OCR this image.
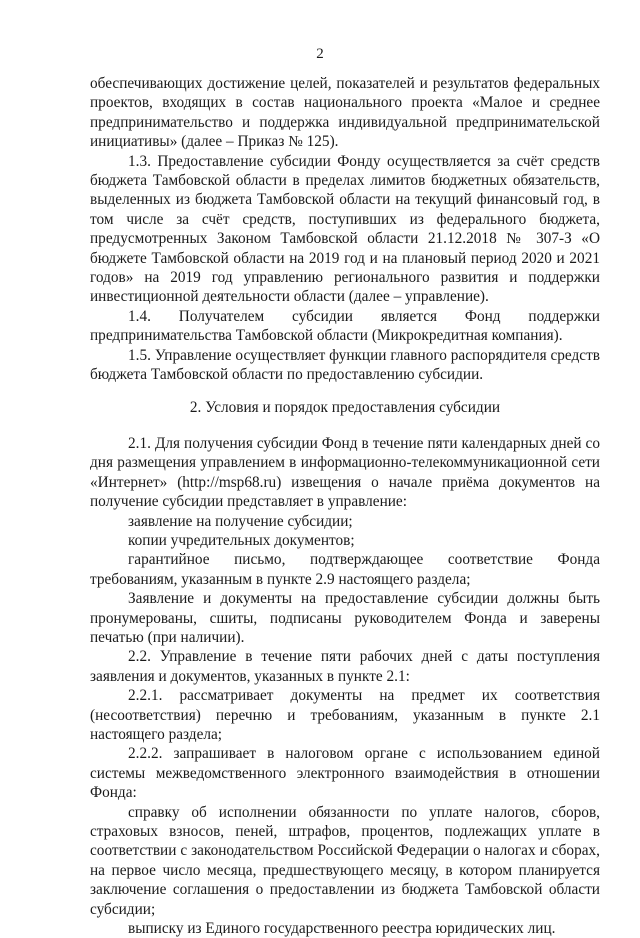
2

обеспечивающих достижение целей, показателей и результатов федеральных проектов, входящих в состав национального проекта «Малое и среднее предпринимательство и поддержка индивидуальной предпринимательской инициативы» (далее – Приказ № 125).

1.3. Предоставление субсидии Фонду осуществляется за счёт средств бюджета Тамбовской области в пределах лимитов бюджетных обязательств, выделенных из бюджета Тамбовской области на текущий финансовый год, в том числе за счёт средств, поступивших из федерального бюджета, предусмотренных Законом Тамбовской области 21.12.2018 № 307-З «О бюджете Тамбовской области на 2019 год и на плановый период 2020 и 2021 годов» на 2019 год управлению регионального развития и поддержки инвестиционной деятельности области (далее – управление).

1.4. Получателем субсидии является Фонд поддержки предпринимательства Тамбовской области (Микрокредитная компания).

1.5. Управление осуществляет функции главного распорядителя средств бюджета Тамбовской области по предоставлению субсидии.

2. Условия и порядок предоставления субсидии

2.1. Для получения субсидии Фонд в течение пяти календарных дней со дня размещения управлением в информационно-телекоммуникационной сети «Интернет» (http://msp68.ru) извещения о начале приёма документов на получение субсидии представляет в управление:

заявление на получение субсидии;

копии учредительных документов;

гарантийное письмо, подтверждающее соответствие Фонда требованиям, указанным в пункте 2.9 настоящего раздела;

Заявление и документы на предоставление субсидии должны быть пронумерованы, сшиты, подписаны руководителем Фонда и заверены печатью (при наличии).

2.2. Управление в течение пяти рабочих дней с даты поступления заявления и документов, указанных в пункте 2.1:

2.2.1. рассматривает документы на предмет их соответствия (несоответствия) перечню и требованиям, указанным в пункте 2.1 настоящего раздела;

2.2.2. запрашивает в налоговом органе с использованием единой системы межведомственного электронного взаимодействия в отношении Фонда:

справку об исполнении обязанности по уплате налогов, сборов, страховых взносов, пеней, штрафов, процентов, подлежащих уплате в соответствии с законодательством Российской Федерации о налогах и сборах, на первое число месяца, предшествующего месяцу, в котором планируется заключение соглашения о предоставлении из бюджета Тамбовской области субсидии;

выписку из Единого государственного реестра юридических лиц.
